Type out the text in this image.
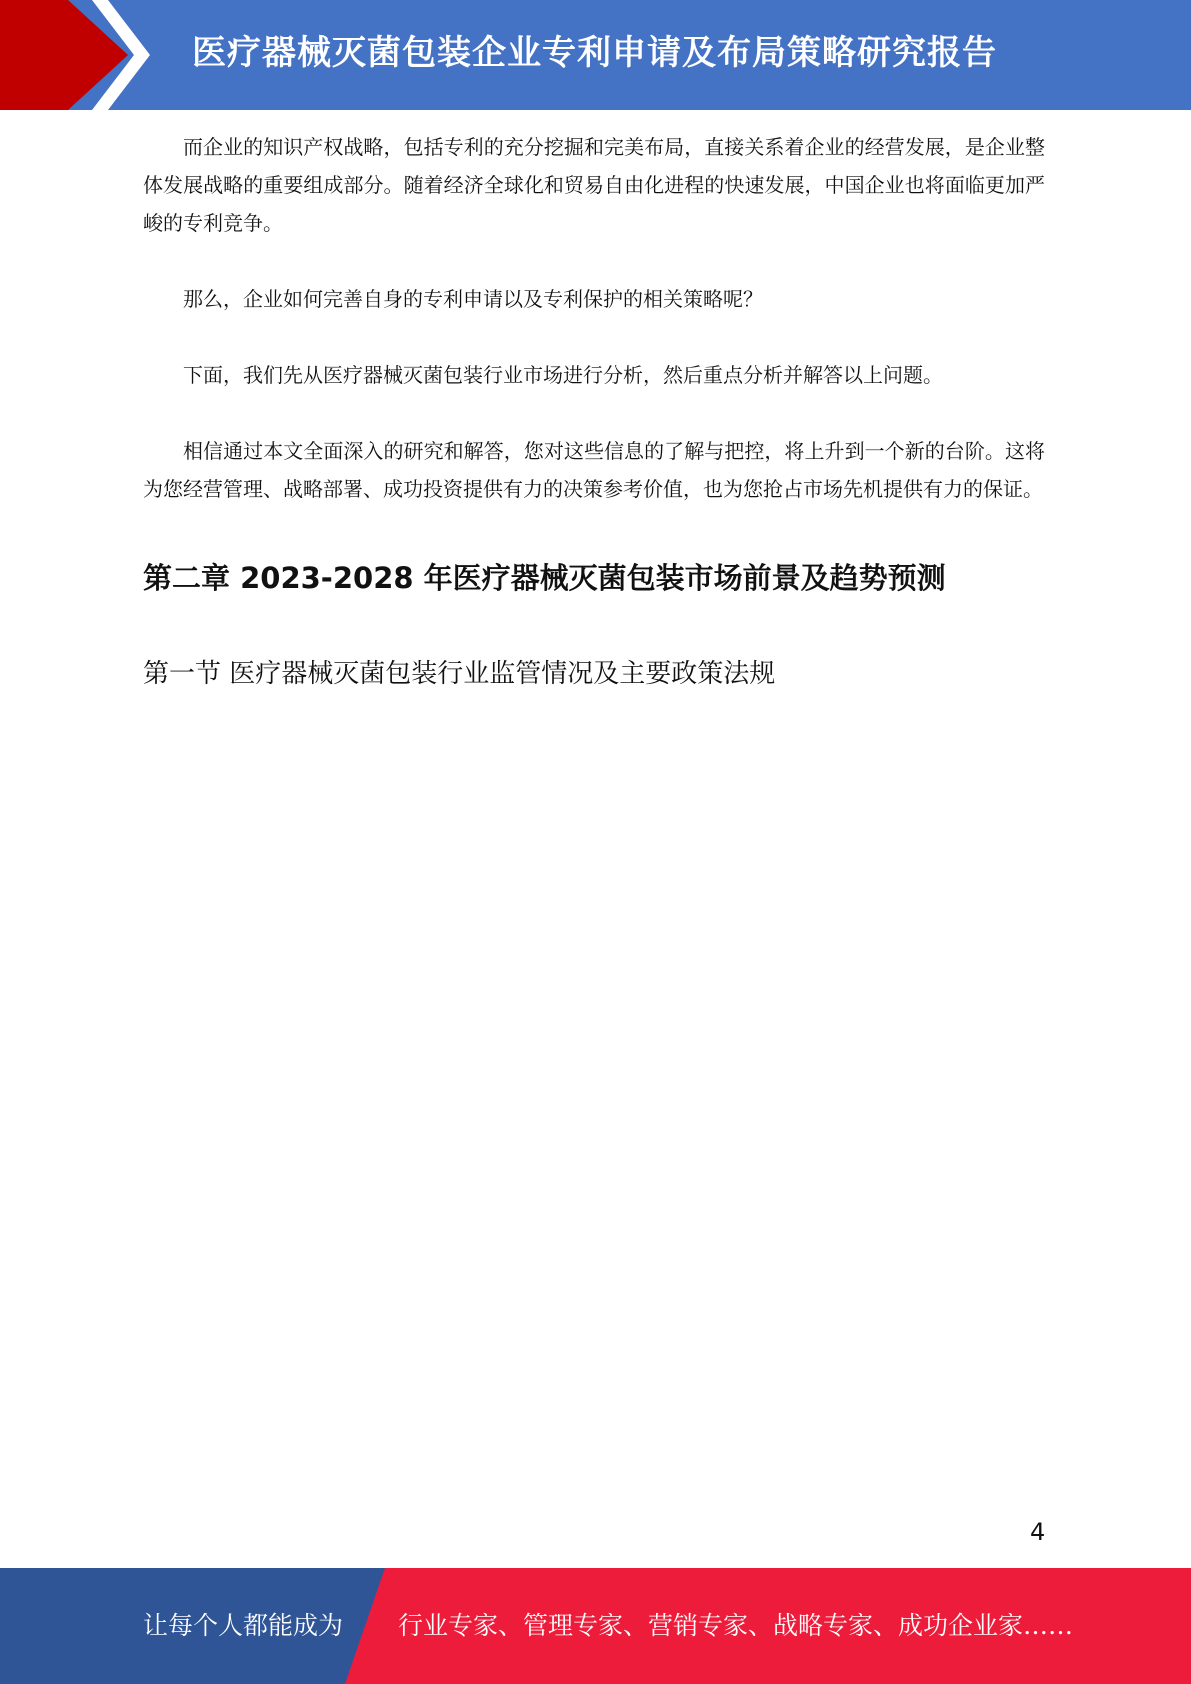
医疗器械灭菌包装企业专利申请及布局策略研究报告

而企业的知识产权战略，包括专利的充分挖掘和完美布局，直接关系着企业的经营发展，是企业整体发展战略的重要组成部分。随着经济全球化和贸易自由化进程的快速发展，中国企业也将面临更加严峻的专利竞争。

那么，企业如何完善自身的专利申请以及专利保护的相关策略呢？

下面，我们先从医疗器械灭菌包装行业市场进行分析，然后重点分析并解答以上问题。

相信通过本文全面深入的研究和解答，您对这些信息的了解与把控，将上升到一个新的台阶。这将为您经营管理、战略部署、成功投资提供有力的决策参考价值，也为您抢占市场先机提供有力的保证。

第二章 2023-2028 年医疗器械灭菌包装市场前景及趋势预测
第一节 医疗器械灭菌包装行业监管情况及主要政策法规
4
让每个人都能成为 行业专家、管理专家、营销专家、战略专家、成功企业家……
